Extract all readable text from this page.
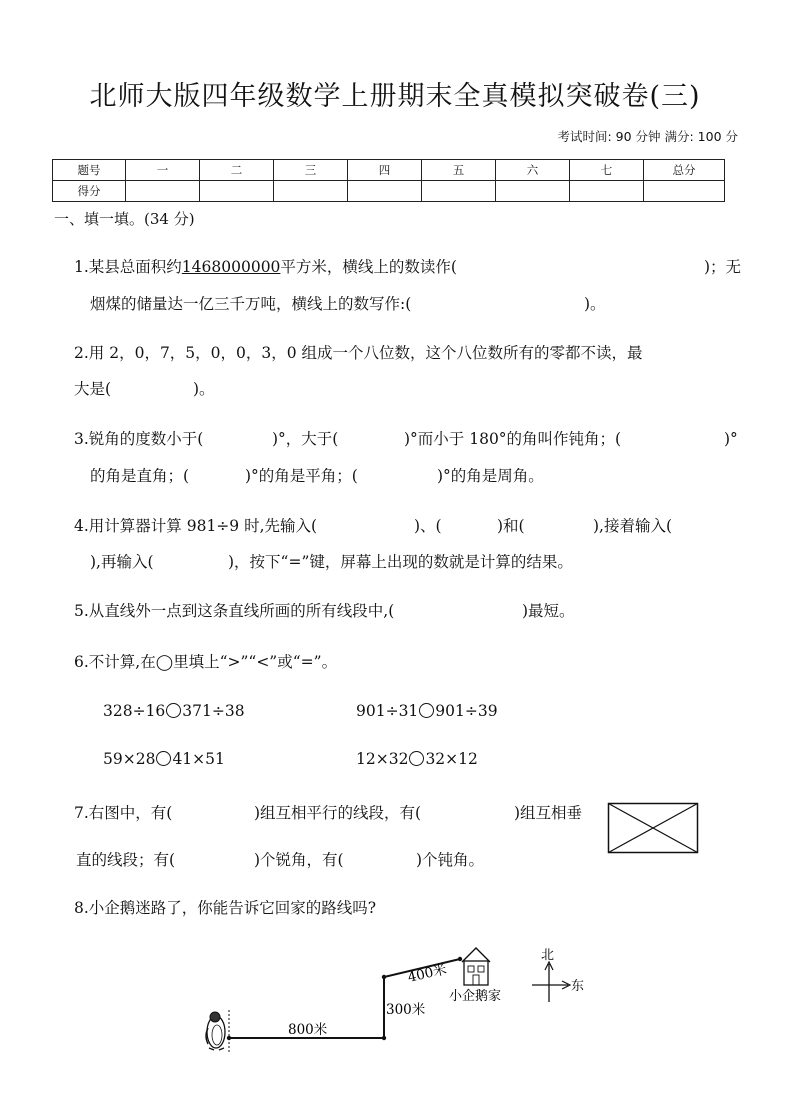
北师大版四年级数学上册期末全真模拟突破卷(三)
考试时间: 90 分钟 满分: 100 分
题号	一	二	三	四	五	六	七	总分
得分								
一、填一填。(34 分)
1.某县总面积约1468000000平方米，横线上的数读作(	)；无
烟煤的储量达一亿三千万吨，横线上的数写作:(	)。
2.用 2，0，7，5，0，0，3，0 组成一个八位数，这个八位数所有的零都不读，最
大是(	)。
3.锐角的度数小于(	)°，大于(	)°而小于 180°的角叫作钝角；(	)°
的角是直角；(	)°的角是平角；(	)°的角是周角。
4.用计算器计算 981÷9 时,先输入(	)、(	)和(	),接着输入(
),再输入(	)，按下“=”键，屏幕上出现的数就是计算的结果。
5.从直线外一点到这条直线所画的所有线段中,(	)最短。
6.不计算,在◯里填上“>”“<”或“=”。
328÷16 371÷38	901÷31 901÷39
59×28 41×51	12×32 32×12
7.右图中，有(	)组互相平行的线段，有(	)组互相垂
直的线段；有(	)个锐角，有(	)个钝角。
8.小企鹅迷路了，你能告诉它回家的路线吗?
800米
300米
400米
小企鹅家
北
东
